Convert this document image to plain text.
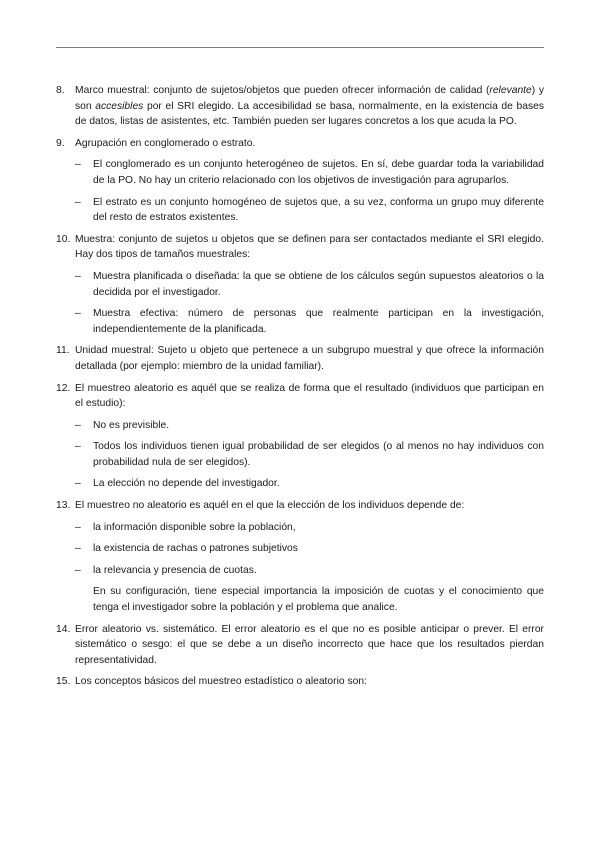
8.	Marco muestral: conjunto de sujetos/objetos que pueden ofrecer información de calidad (relevante) y son accesibles por el SRI elegido. La accesibilidad se basa, normalmente, en la existencia de bases de datos, listas de asistentes, etc. También pueden ser lugares concretos a los que acuda la PO.
9.	Agrupación en conglomerado o estrato.
–	El conglomerado es un conjunto heterogéneo de sujetos. En sí, debe guardar toda la variabilidad de la PO. No hay un criterio relacionado con los objetivos de investigación para agruparlos.
–	El estrato es un conjunto homogéneo de sujetos que, a su vez, conforma un grupo muy diferente del resto de estratos existentes.
10. Muestra: conjunto de sujetos u objetos que se definen para ser contactados mediante el SRI elegido. Hay dos tipos de tamaños muestrales:
–	Muestra planificada o diseñada: la que se obtiene de los cálculos según supuestos aleatorios o la decidida por el investigador.
–	Muestra efectiva: número de personas que realmente participan en la investigación, independientemente de la planificada.
11. Unidad muestral: Sujeto u objeto que pertenece a un subgrupo muestral y que ofrece la información detallada (por ejemplo: miembro de la unidad familiar).
12. El muestreo aleatorio es aquél que se realiza de forma que el resultado (individuos que participan en el estudio):
–	No es previsible.
–	Todos los individuos tienen igual probabilidad de ser elegidos (o al menos no hay individuos con probabilidad nula de ser elegidos).
–	La elección no depende del investigador.
13. El muestreo no aleatorio es aquél en el que la elección de los individuos depende de:
–	la información disponible sobre la población,
–	la existencia de rachas o patrones subjetivos
–	la relevancia y presencia de cuotas.
En su configuración, tiene especial importancia la imposición de cuotas y el conocimiento que tenga el investigador sobre la población y el problema que analice.
14. Error aleatorio vs. sistemático. El error aleatorio es el que no es posible anticipar o prever. El error sistemático o sesgo: el que se debe a un diseño incorrecto que hace que los resultados pierdan representatividad.
15. Los conceptos básicos del muestreo estadístico o aleatorio son:
